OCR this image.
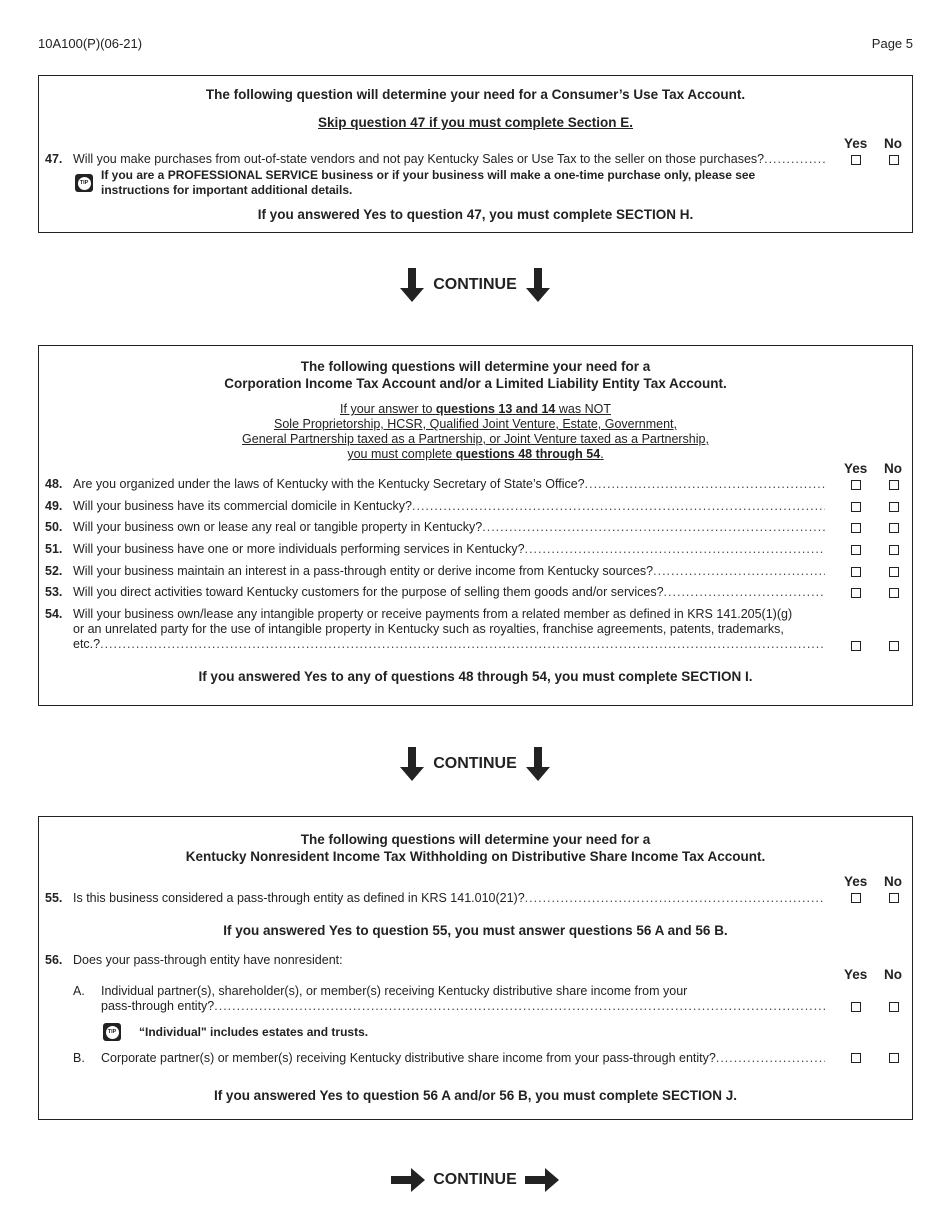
10A100(P)(06-21)	Page 5
The following question will determine your need for a Consumer’s Use Tax Account.
Skip question 47 if you must complete Section E.
Yes No
47. Will you make purchases from out-of-state vendors and not pay Kentucky Sales or Use Tax to the seller on those purchases?
.....
TIP
If you are a PROFESSIONAL SERVICE business or if your business will make a one-time purchase only, please see instructions for important additional details.
If you answered Yes to question 47, you must complete SECTION H.
CONTINUE
The following questions will determine your need for a
Corporation Income Tax Account and/or a Limited Liability Entity Tax Account.
If your answer to questions 13 and 14 was NOT
Sole Proprietorship, HCSR, Qualified Joint Venture, Estate, Government,
General Partnership taxed as a Partnership, or Joint Venture taxed as a Partnership,
you must complete questions 48 through 54.
Yes No
48. Are you organized under the laws of Kentucky with the Kentucky Secretary of State’s Office?
.....
49. Will your business have its commercial domicile in Kentucky?
.....
50. Will your business own or lease any real or tangible property in Kentucky?
.....
51. Will your business have one or more individuals performing services in Kentucky?
.....
52. Will your business maintain an interest in a pass-through entity or derive income from Kentucky sources?
.....
53. Will you direct activities toward Kentucky customers for the purpose of selling them goods and/or services?
.....
54. Will your business own/lease any intangible property or receive payments from a related member as defined in KRS 141.205(1)(g)
or an unrelated party for the use of intangible property in Kentucky such as royalties, franchise agreements, patents, trademarks,
etc.?
.....
If you answered Yes to any of questions 48 through 54, you must complete SECTION I.
CONTINUE
The following questions will determine your need for a
Kentucky Nonresident Income Tax Withholding on Distributive Share Income Tax Account.
Yes No
55. Is this business considered a pass-through entity as defined in KRS 141.010(21)?
.....
If you answered Yes to question 55, you must answer questions 56 A and 56 B.
56. Does your pass-through entity have nonresident:
Yes No
A. Individual partner(s), shareholder(s), or member(s) receiving Kentucky distributive share income from your
pass-through entity?
.....
TIP “Individual" includes estates and trusts.
B. Corporate partner(s) or member(s) receiving Kentucky distributive share income from your pass-through entity?
.....
If you answered Yes to question 56 A and/or 56 B, you must complete SECTION J.
CONTINUE
